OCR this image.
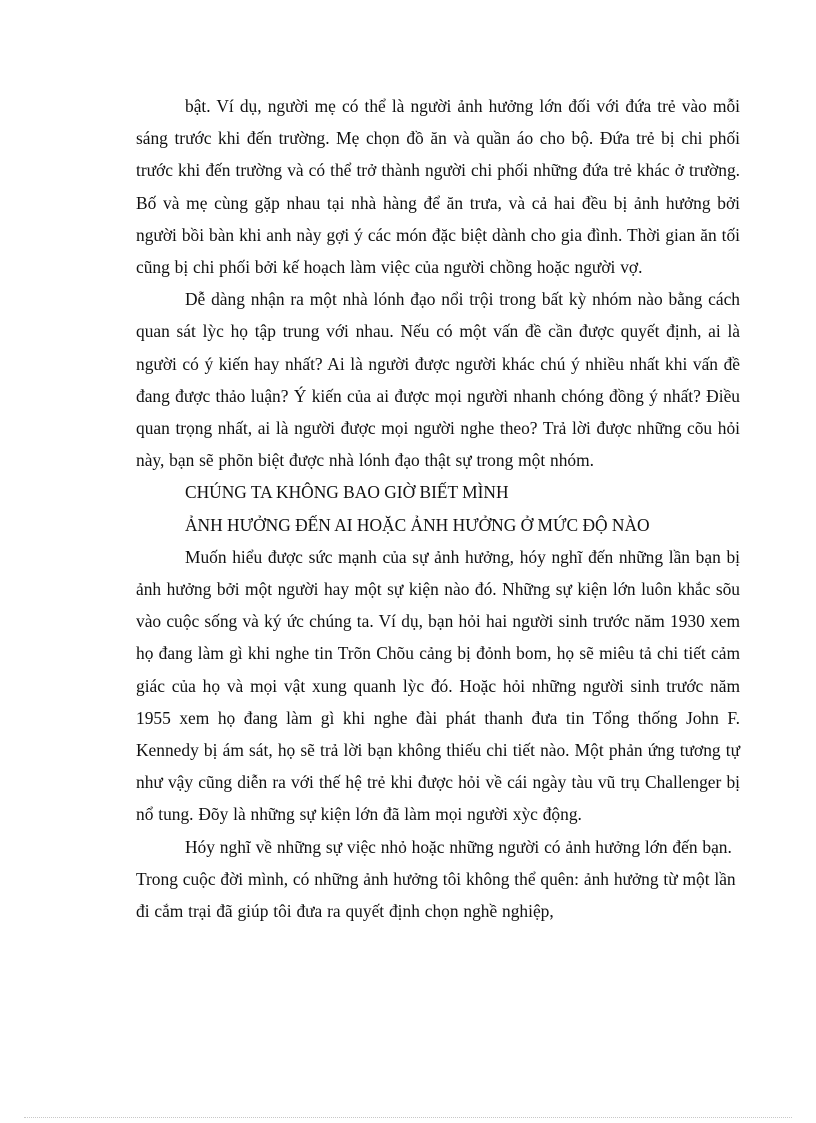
bật. Ví dụ, người mẹ có thể là người ảnh hưởng lớn đối với đứa trẻ vào mỗi sáng trước khi đến trường. Mẹ chọn đồ ăn và quần áo cho bộ. Đứa trẻ bị chi phối trước khi đến trường và có thể trở thành người chi phối những đứa trẻ khác ở trường. Bố và mẹ cùng gặp nhau tại nhà hàng để ăn trưa, và cả hai đều bị ảnh hưởng bởi người bồi bàn khi anh này gợi ý các món đặc biệt dành cho gia đình. Thời gian ăn tối cũng bị chi phối bởi kế hoạch làm việc của người chồng hoặc người vợ.

Dễ dàng nhận ra một nhà lónh đạo nổi trội trong bất kỳ nhóm nào bằng cách quan sát lỳc họ tập trung với nhau. Nếu có một vấn đề cần được quyết định, ai là người có ý kiến hay nhất? Ai là người được người khác chú ý nhiều nhất khi vấn đề đang được thảo luận? Ý kiến của ai được mọi người nhanh chóng đồng ý nhất? Điều quan trọng nhất, ai là người được mọi người nghe theo? Trả lời được những cõu hỏi này, bạn sẽ phõn biệt được nhà lónh đạo thật sự trong một nhóm.

CHÚNG TA KHÔNG BAO GIỜ BIẾT MÌNH

ẢNH HƯỞNG ĐẾN AI HOẶC ẢNH HƯỞNG Ở MỨC ĐỘ NÀO

Muốn hiểu được sức mạnh của sự ảnh hưởng, hóy nghĩ đến những lần bạn bị ảnh hưởng bởi một người hay một sự kiện nào đó. Những sự kiện lớn luôn khắc sõu vào cuộc sống và ký ức chúng ta. Ví dụ, bạn hỏi hai người sinh trước năm 1930 xem họ đang làm gì khi nghe tin Trõn Chõu cảng bị đỏnh bom, họ sẽ miêu tả chi tiết cảm giác của họ và mọi vật xung quanh lỳc đó. Hoặc hỏi những người sinh trước năm 1955 xem họ đang làm gì khi nghe đài phát thanh đưa tin Tổng thống John F. Kennedy bị ám sát, họ sẽ trả lời bạn không thiếu chi tiết nào. Một phản ứng tương tự như vậy cũng diễn ra với thế hệ trẻ khi được hỏi về cái ngày tàu vũ trụ Challenger bị nổ tung. Đõy là những sự kiện lớn đã làm mọi người xỳc động.

Hóy nghĩ về những sự việc nhỏ hoặc những người có ảnh hưởng lớn đến bạn. Trong cuộc đời mình, có những ảnh hưởng tôi không thể quên: ảnh hưởng từ một lần đi cắm trại đã giúp tôi đưa ra quyết định chọn nghề nghiệp,
